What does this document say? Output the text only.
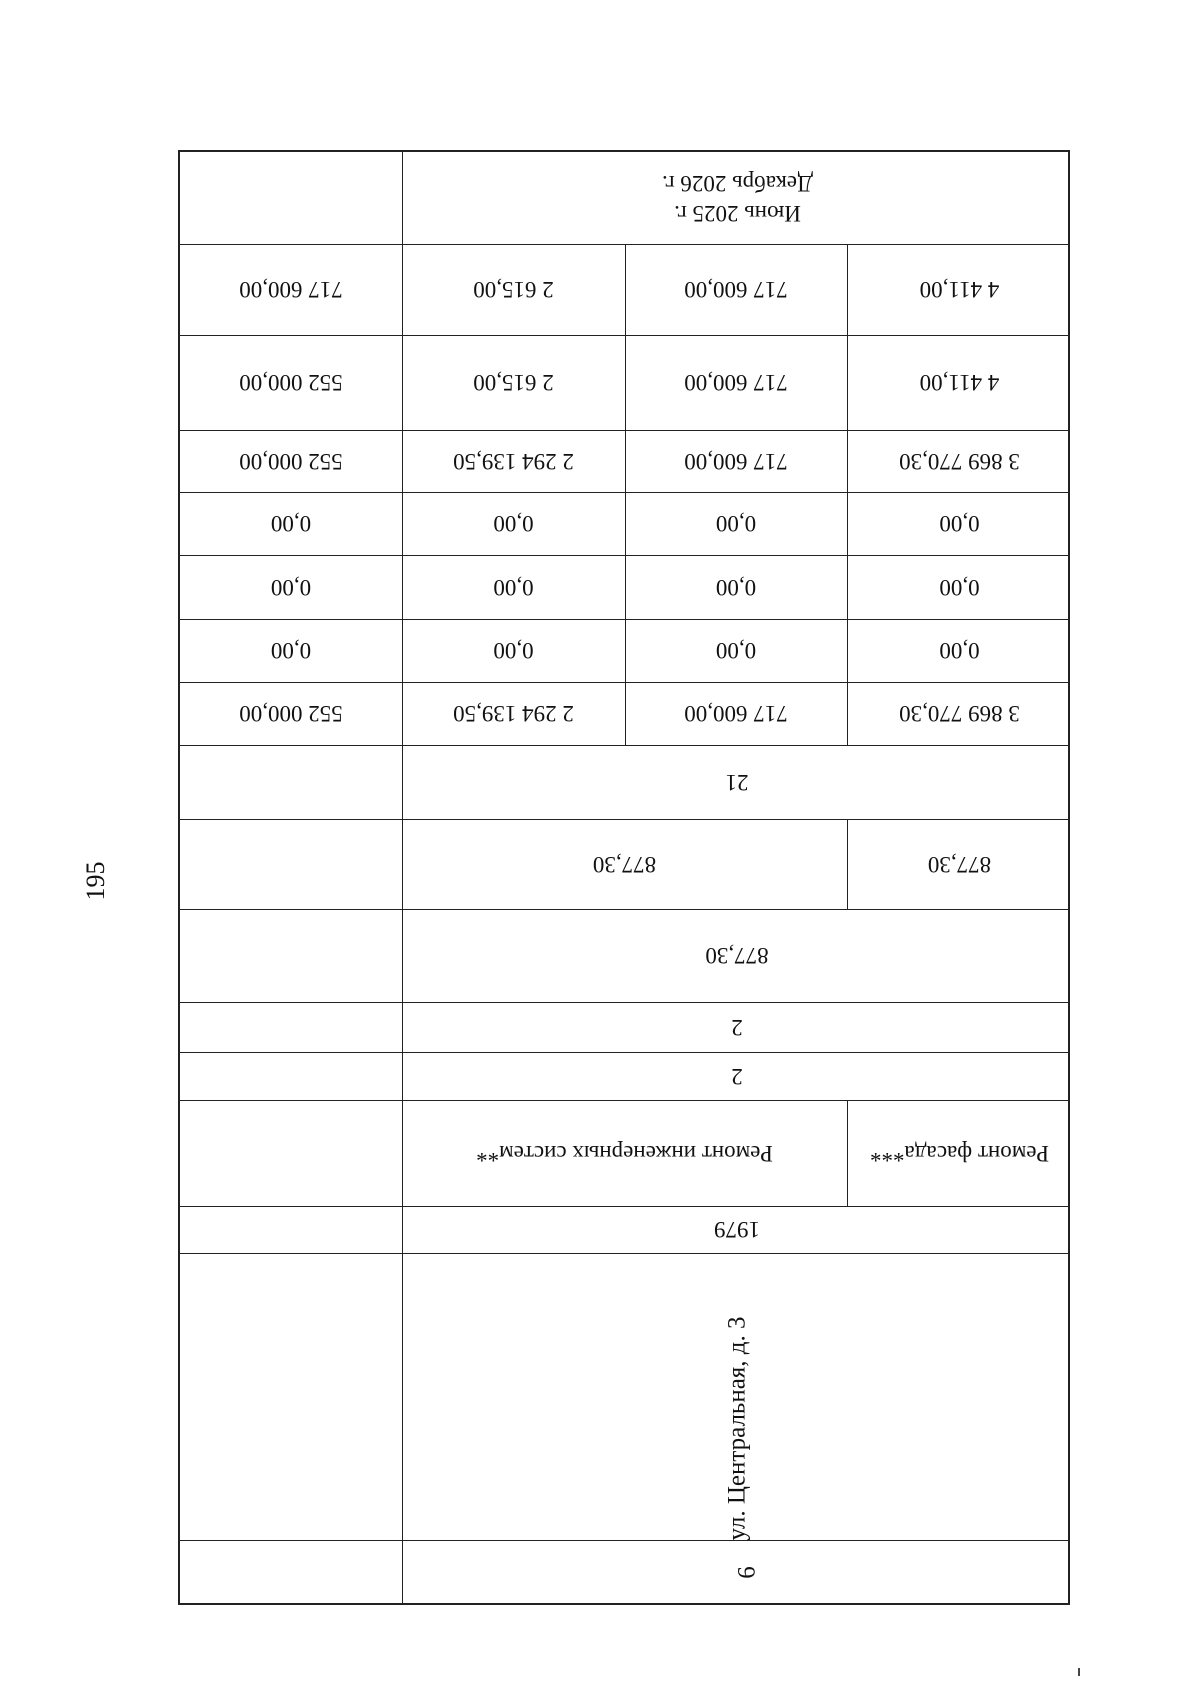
195
Июнь 2025 г.
Декабрь 2026 г.
717 600,00	2 615,00	717 600,00	4 411,00
552 000,00	2 615,00	717 600,00	4 411,00
552 000,00	2 294 139,50	717 600,00	3 869 770,30
0,00	0,00	0,00	0,00
0,00	0,00	0,00	0,00
0,00	0,00	0,00	0,00
552 000,00	2 294 139,50	717 600,00	3 869 770,30
21
877,30	877,30
877,30
2
2
Ремонт инженерных систем**	Ремонт фасада***
1979
ул. Центральная, д. 3
6
